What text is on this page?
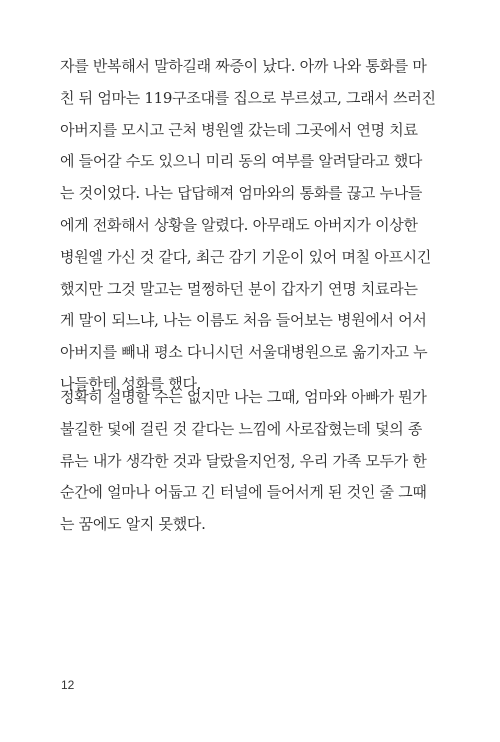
자를 반복해서 말하길래 짜증이 났다. 아까 나와 통화를 마
친 뒤 엄마는 119구조대를 집으로 부르셨고, 그래서 쓰러진
아버지를 모시고 근처 병원엘 갔는데 그곳에서 연명 치료
에 들어갈 수도 있으니 미리 동의 여부를 알려달라고 했다
는 것이었다. 나는 답답해져 엄마와의 통화를 끊고 누나들
에게 전화해서 상황을 알렸다. 아무래도 아버지가 이상한
병원엘 가신 것 같다, 최근 감기 기운이 있어 며칠 아프시긴
했지만 그것 말고는 멀쩡하던 분이 갑자기 연명 치료라는
게 말이 되느냐, 나는 이름도 처음 들어보는 병원에서 어서
아버지를 빼내 평소 다니시던 서울대병원으로 옮기자고 누
나들한테 성화를 했다.
정확히 설명할 수는 없지만 나는 그때, 엄마와 아빠가 뭔가
불길한 덫에 걸린 것 같다는 느낌에 사로잡혔는데 덫의 종
류는 내가 생각한 것과 달랐을지언정, 우리 가족 모두가 한
순간에 얼마나 어둡고 긴 터널에 들어서게 된 것인 줄 그때
는 꿈에도 알지 못했다.
12
